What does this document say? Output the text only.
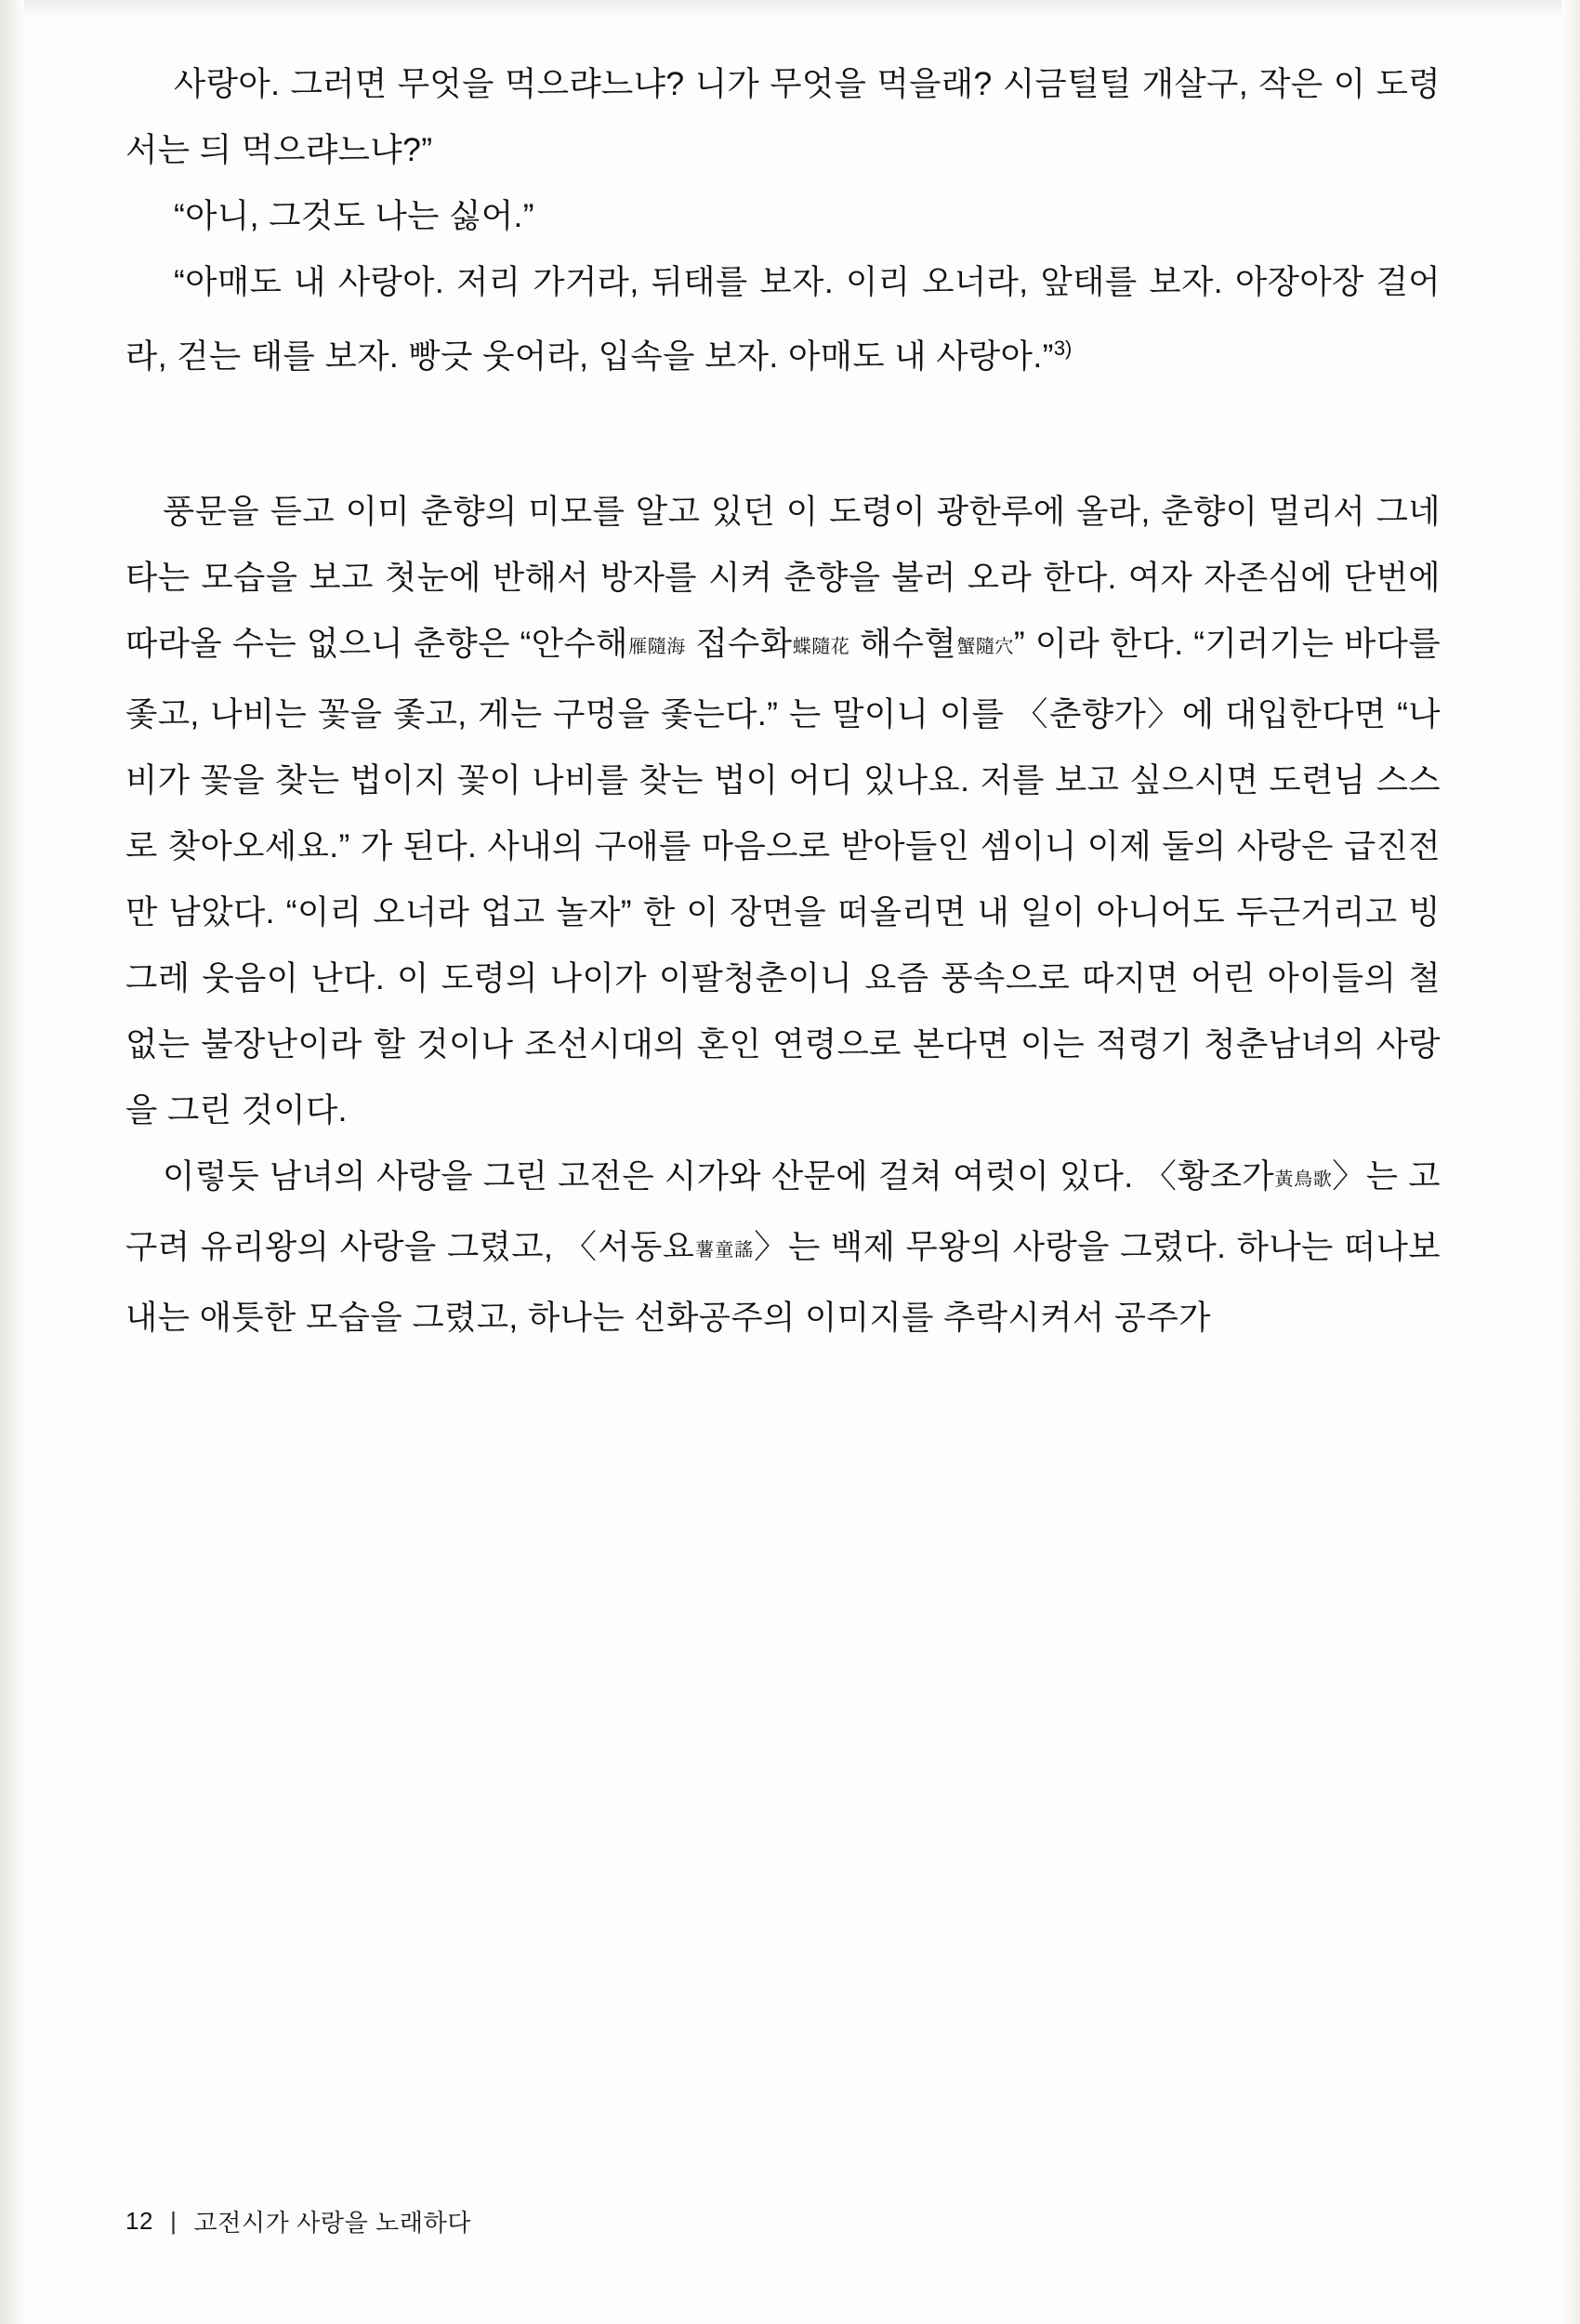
사랑아. 그러면 무엇을 먹으랴느냐? 니가 무엇을 먹을래? 시금털털 개살구, 작은 이 도령 서는 듸 먹으랴느냐?”

“아니, 그것도 나는 싫어.”

“아매도 내 사랑아. 저리 가거라, 뒤태를 보자. 이리 오너라, 앞태를 보자. 아장아장 걸어라, 걷는 태를 보자. 빵긋 웃어라, 입속을 보자. 아매도 내 사랑아.”$^{3)}$

풍문을 듣고 이미 춘향의 미모를 알고 있던 이 도령이 광한루에 올라, 춘향이 멀리서 그네 타는 모습을 보고 첫눈에 반해서 방자를 시켜 춘향을 불러 오라 한다. 여자 자존심에 단번에 따라올 수는 없으니 춘향은 “안수해雁隨海 접수화蝶隨花 해수혈蟹隨穴” 이라 한다. “기러기는 바다를 좇고, 나비는 꽃을 좇고, 게는 구멍을 좇는다.” 는 말이니 이를 〈춘향가〉에 대입한다면 “나비가 꽃을 찾는 법이지 꽃이 나비를 찾는 법이 어디 있나요. 저를 보고 싶으시면 도련님 스스로 찾아오세요.” 가 된다. 사내의 구애를 마음으로 받아들인 셈이니 이제 둘의 사랑은 급진전만 남았다. “이리 오너라 업고 놀자” 한 이 장면을 떠올리면 내 일이 아니어도 두근거리고 빙그레 웃음이 난다. 이 도령의 나이가 이팔청춘이니 요즘 풍속으로 따지면 어린 아이들의 철없는 불장난이라 할 것이나 조선시대의 혼인 연령으로 본다면 이는 적령기 청춘남녀의 사랑을 그린 것이다.

이렇듯 남녀의 사랑을 그린 고전은 시가와 산문에 걸쳐 여럿이 있다. 〈황조가黃鳥歌〉는 고구려 유리왕의 사랑을 그렸고, 〈서동요薯童謠〉는 백제 무왕의 사랑을 그렸다. 하나는 떠나보내는 애틋한 모습을 그렸고, 하나는 선화공주의 이미지를 추락시켜서 공주가

12 | 고전시가 사랑을 노래하다
